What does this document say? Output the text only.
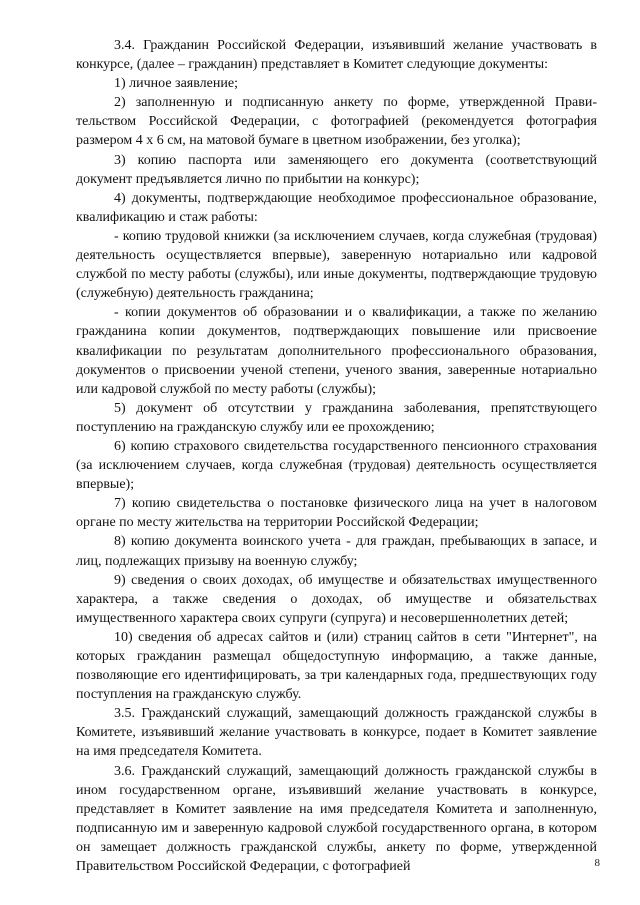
3.4. Гражданин Российской Федерации, изъявивший желание участвовать в конкурсе, (далее – гражданин) представляет в Комитет следующие документы:

1) личное заявление;

2) заполненную и подписанную анкету по форме, утвержденной Правительством Российской Федерации, с фотографией (рекомендуется фотография размером 4 х 6 см, на матовой бумаге в цветном изображении, без уголка);

3) копию паспорта или заменяющего его документа (соответствующий документ предъявляется лично по прибытии на конкурс);

4) документы, подтверждающие необходимое профессиональное образование, квалификацию и стаж работы:

- копию трудовой книжки (за исключением случаев, когда служебная (трудовая) деятельность осуществляется впервые), заверенную нотариально или кадровой службой по месту работы (службы), или иные документы, подтверждающие трудовую (служебную) деятельность гражданина;

- копии документов об образовании и о квалификации, а также по желанию гражданина копии документов, подтверждающих повышение или присвоение квалификации по результатам дополнительного профессионального образования, документов о присвоении ученой степени, ученого звания, заверенные нотариально или кадровой службой по месту работы (службы);

5) документ об отсутствии у гражданина заболевания, препятствующего поступлению на гражданскую службу или ее прохождению;

6) копию страхового свидетельства государственного пенсионного страхования (за исключением случаев, когда служебная (трудовая) деятельность осуществляется впервые);

7) копию свидетельства о постановке физического лица на учет в налоговом органе по месту жительства на территории Российской Федерации;

8) копию документа воинского учета - для граждан, пребывающих в запасе, и лиц, подлежащих призыву на военную службу;

9) сведения о своих доходах, об имуществе и обязательствах имущественного характера, а также сведения о доходах, об имуществе и обязательствах имущественного характера своих супруги (супруга) и несовершеннолетних детей;

10) сведения об адресах сайтов и (или) страниц сайтов в сети "Интернет", на которых гражданин размещал общедоступную информацию, а также данные, позволяющие его идентифицировать, за три календарных года, предшествующих году поступления на гражданскую службу.

3.5. Гражданский служащий, замещающий должность гражданской службы в Комитете, изъявивший желание участвовать в конкурсе, подает в Комитет заявление на имя председателя Комитета.

3.6. Гражданский служащий, замещающий должность гражданской службы в ином государственном органе, изъявивший желание участвовать в конкурсе, представляет в Комитет заявление на имя председателя Комитета и заполненную, подписанную им и заверенную кадровой службой государственного органа, в котором он замещает должность гражданской службы, анкету по форме, утвержденной Правительством Российской Федерации, с фотографией	8
